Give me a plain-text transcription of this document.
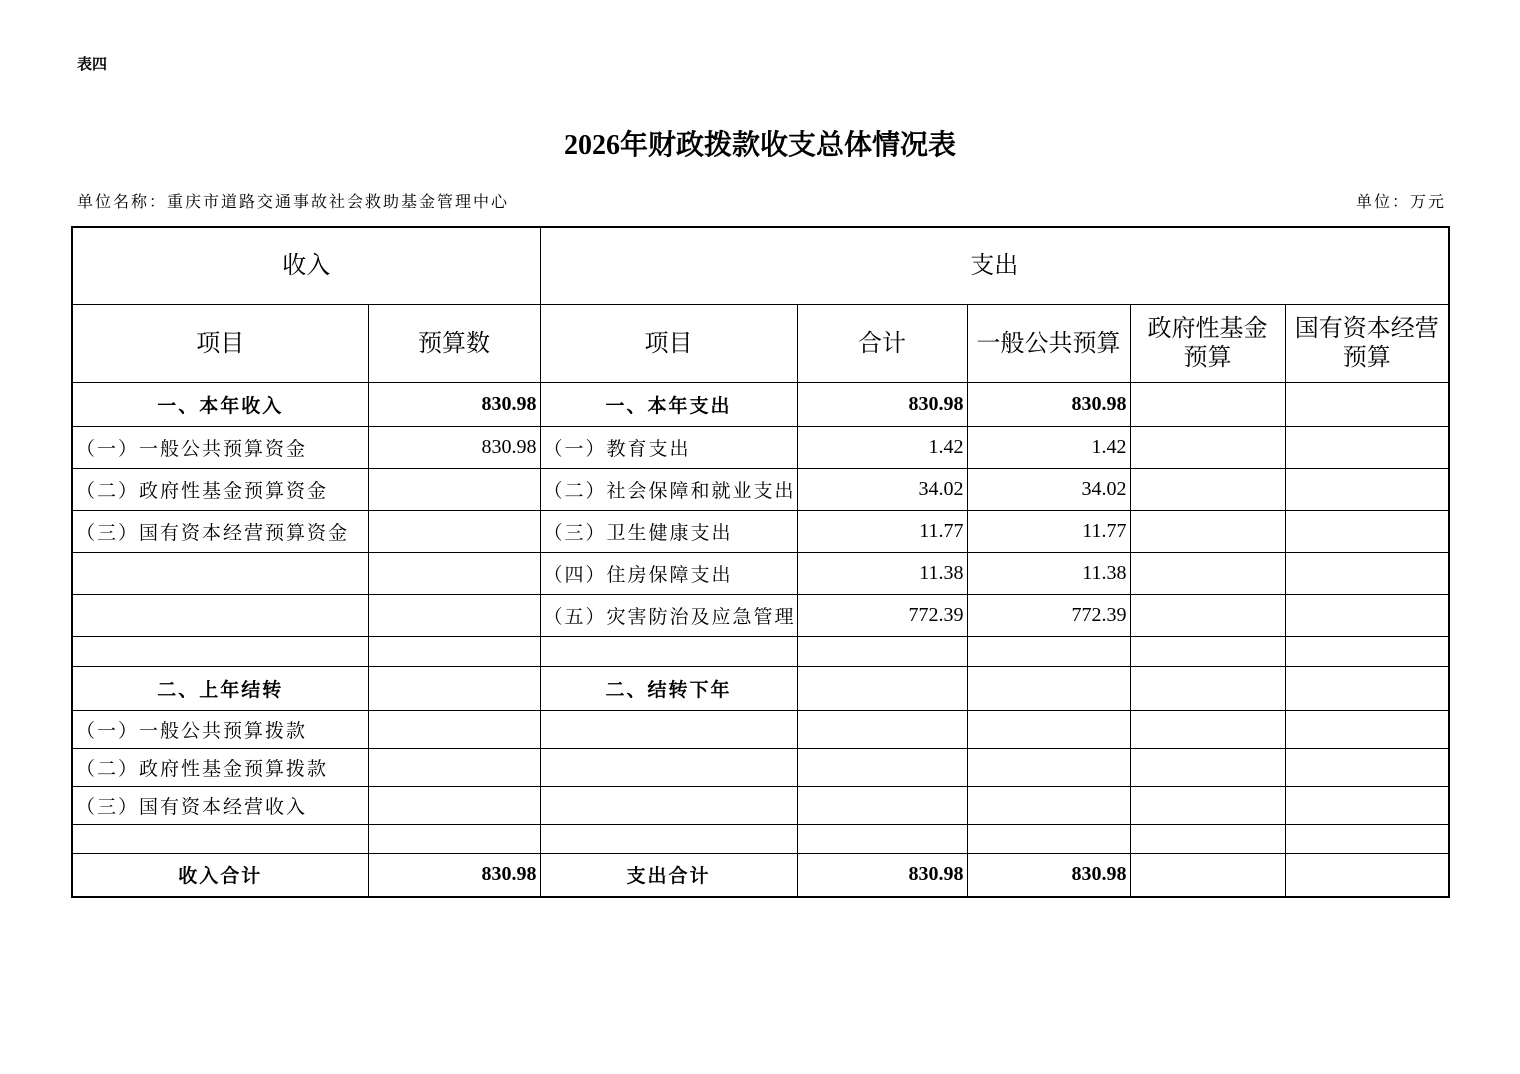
表四
2026年财政拨款收支总体情况表
单位名称：重庆市道路交通事故社会救助基金管理中心	单位：万元
收入		支出				
项目	预算数	项目	合计	一般公共预算	政府性基金预算	国有资本经营预算
一、本年收入	830.98	一、本年支出	830.98	830.98		
（一）一般公共预算资金	830.98	（一）教育支出	1.42	1.42		
（二）政府性基金预算资金		（二）社会保障和就业支出	34.02	34.02		
（三）国有资本经营预算资金		（三）卫生健康支出	11.77	11.77		
		（四）住房保障支出	11.38	11.38		
		（五）灾害防治及应急管理	772.39	772.39		

二、上年结转		二、结转下年				
（一）一般公共预算拨款						
（二）政府性基金预算拨款						
（三）国有资本经营收入						

收入合计	830.98	支出合计	830.98	830.98		
